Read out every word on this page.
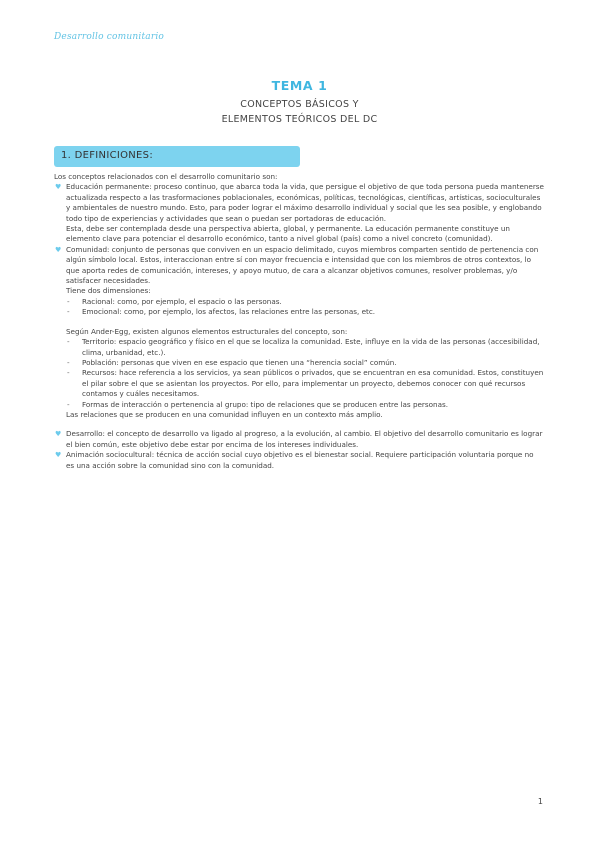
Desarrollo comunitario
TEMA 1
CONCEPTOS BÁSICOS Y
ELEMENTOS TEÓRICOS DEL DC
1. DEFINICIONES:

Los conceptos relacionados con el desarrollo comunitario son:

♥ Educación permanente: proceso continuo, que abarca toda la vida, que persigue el objetivo de que toda persona pueda mantenerse actualizada respecto a las trasformaciones poblacionales, económicas, políticas, tecnológicas, científicas, artísticas, socioculturales y ambientales de nuestro mundo. Esto, para poder lograr el máximo desarrollo individual y social que les sea posible, y englobando todo tipo de experiencias y actividades que sean o puedan ser portadoras de educación.

Esta, debe ser contemplada desde una perspectiva abierta, global, y permanente. La educación permanente constituye un elemento clave para potenciar el desarrollo económico, tanto a nivel global (país) como a nivel concreto (comunidad).

♥ Comunidad: conjunto de personas que conviven en un espacio delimitado, cuyos miembros comparten sentido de pertenencia con algún símbolo local. Estos, interaccionan entre sí con mayor frecuencia e intensidad que con los miembros de otros contextos, lo que aporta redes de comunicación, intereses, y apoyo mutuo, de cara a alcanzar objetivos comunes, resolver problemas, y/o satisfacer necesidades.

Tiene dos dimensiones:

- Racional: como, por ejemplo, el espacio o las personas.
- Emocional: como, por ejemplo, los afectos, las relaciones entre las personas, etc.

Según Ander-Egg, existen algunos elementos estructurales del concepto, son:

- Territorio: espacio geográfico y físico en el que se localiza la comunidad. Este, influye en la vida de las personas (accesibilidad, clima, urbanidad, etc.).
- Población: personas que viven en ese espacio que tienen una “herencia social” común.
- Recursos: hace referencia a los servicios, ya sean públicos o privados, que se encuentran en esa comunidad. Estos, constituyen el pilar sobre el que se asientan los proyectos. Por ello, para implementar un proyecto, debemos conocer con qué recursos contamos y cuáles necesitamos.
- Formas de interacción o pertenencia al grupo: tipo de relaciones que se producen entre las personas.

Las relaciones que se producen en una comunidad influyen en un contexto más amplio.

♥ Desarrollo: el concepto de desarrollo va ligado al progreso, a la evolución, al cambio. El objetivo del desarrollo comunitario es lograr el bien común, este objetivo debe estar por encima de los intereses individuales.
♥ Animación sociocultural: técnica de acción social cuyo objetivo es el bienestar social. Requiere participación voluntaria porque no es una acción sobre la comunidad sino con la comunidad.
1
